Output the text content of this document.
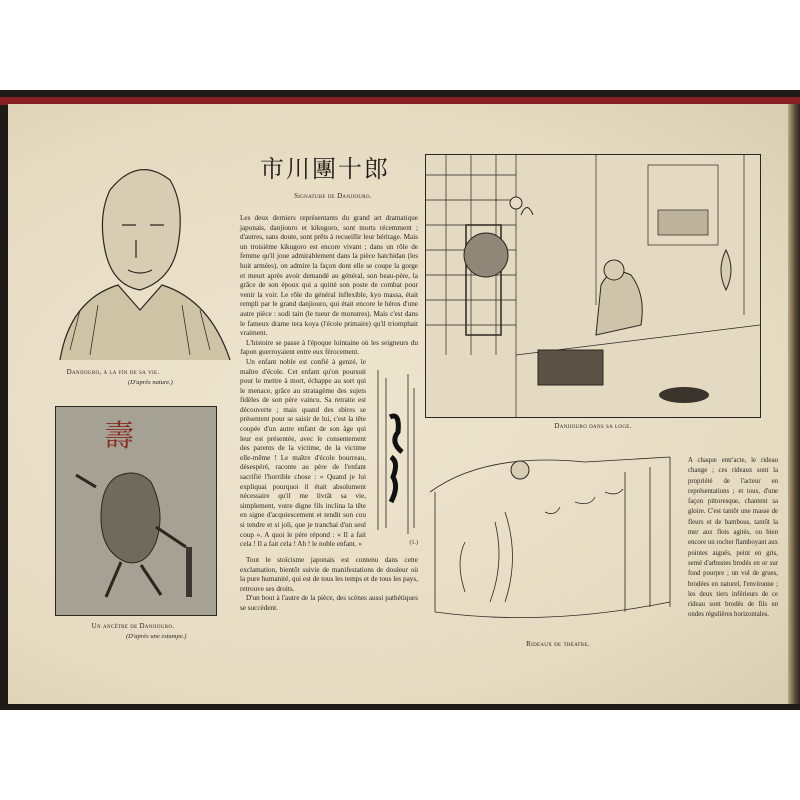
Danjiouro, à la fin de sa vie.
(D'après nature.)
壽
Un ancêtre de Danjiouro.
(D'après une estampe.)
市川團十郎
Signature de Danjiouro.

Les deux derniers représentants du grand art dramatique japonais, danjiouro et kikugoro, sont morts récemment ; d'autres, sans doute, sont prêts à recueillir leur héritage. Mais un troisième kikugoro est encore vivant ; dans un rôle de femme qu'il joue admirablement dans la pièce hatchidan (les huit armées), on admire la façon dont elle se coupe la gorge et meurt après avoir demandé au général, son beau-père, la grâce de son époux qui a quitté son poste de combat pour venir la voir. Le rôle du général inflexible, kyo massa, était rempli par le grand danjiouro, qui était encore le héros d'une autre pièce : sodi tain (le tueur de monstres). Mais c'est dans le fameux drame tera koya (l'école primaire) qu'il triomphait vraiment.

L'histoire se passe à l'époque lointaine où les seigneurs du Japon guerroyaient entre eux férocement.

(1.)

Un enfant noble est confié à genzé, le maître d'école. Cet enfant qu'on poursuit pour le mettre à mort, échappe au sort qui le menace, grâce au stratagème des sujets fidèles de son père vaincu. Sa retraite est découverte ; mais quand des sbires se présentent pour se saisir de lui, c'est la tête coupée d'un autre enfant de son âge qui leur est présentée, avec le consentement des parents de la victime, de la victime elle-même ! Le maître d'école bourreau, désespéré, raconte au père de l'enfant sacrifié l'horrible chose : « Quand je lui expliquai pourquoi il était absolument nécessaire qu'il me livrât sa vie, simplement, votre digne fils inclina la tête en signe d'acquiescement et tendit son cou si tendre et si joli, que je tranchai d'un seul coup ». A quoi le père répond : « Il a fait cela ! Il a fait cela ! Ah ! le noble enfant. »

Tout le stoïcisme japonais est contenu dans cette exclamation, bientôt suivie de manifestations de douleur où la pure humanité, qui est de tous les temps et de tous les pays, retrouve ses droits.

D'un bout à l'autre de la pièce, des scènes aussi pathétiques se succèdent.

Danjiouro dans sa loge.
Rideaux de théatre.

A chaque entr'acte, le rideau change ; ces rideaux sont la propriété de l'acteur en représentations ; et tous, d'une façon pittoresque, chantent sa gloire. C'est tantôt une masse de fleurs et de bambous, tantôt la mer aux flots agités, ou bien encore un rocher flamboyant aux pointes aiguës, peint en gris, semé d'arbustes brodés en or sur fond pourpre ; un vol de grues, brodées en naturel, l'environne ; les deux tiers inférieurs de ce rideau sont brodés de fils en ondes régulières horizontales.
